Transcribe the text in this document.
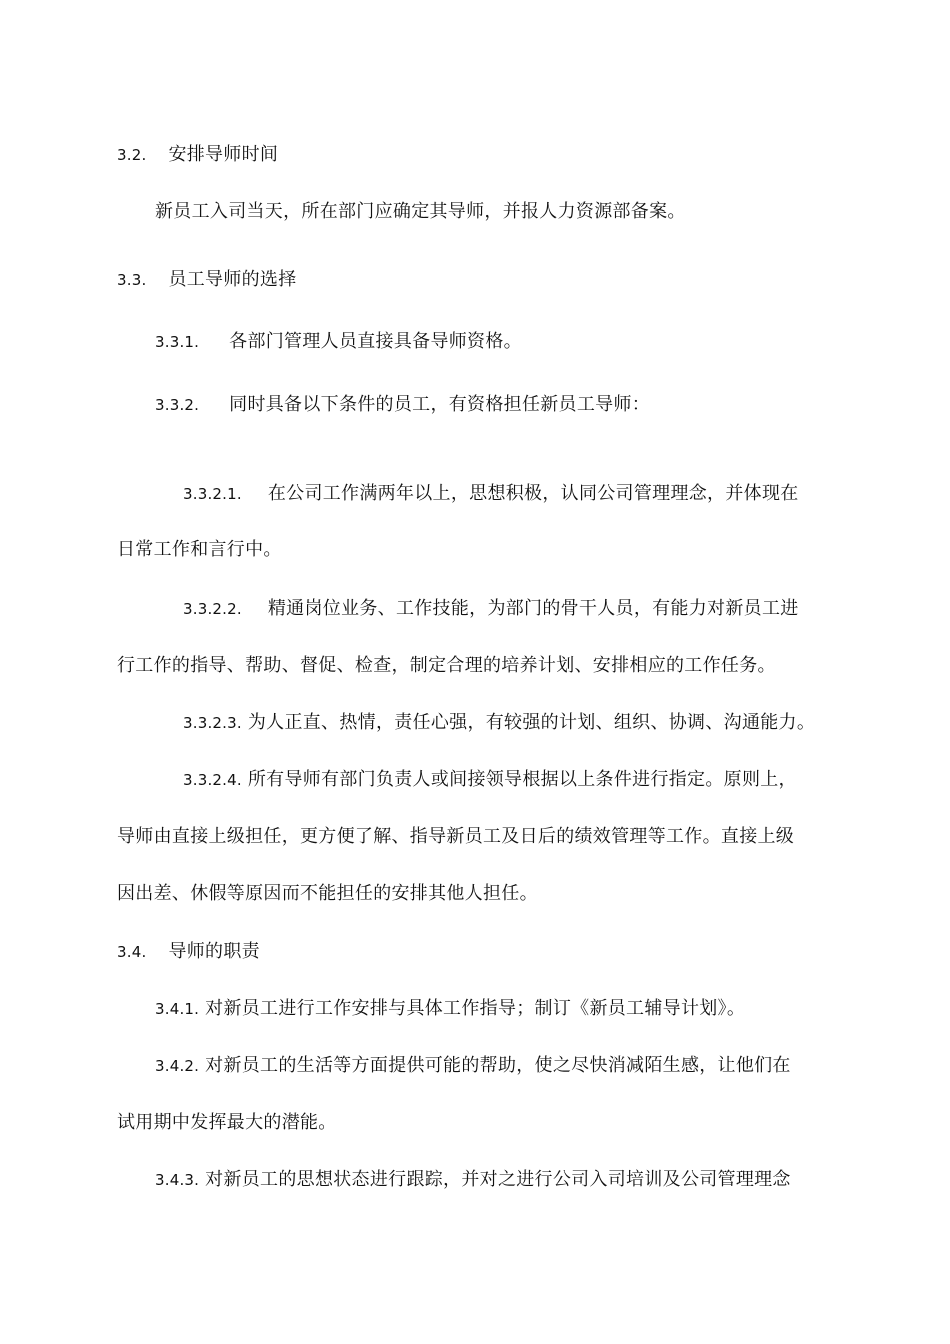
3.2. 安排导师时间
新员工入司当天，所在部门应确定其导师，并报人力资源部备案。
3.3. 员工导师的选择
3.3.1. 各部门管理人员直接具备导师资格。
3.3.2. 同时具备以下条件的员工，有资格担任新员工导师：
3.3.2.1. 在公司工作满两年以上，思想积极，认同公司管理理念，并体现在
日常工作和言行中。
3.3.2.2. 精通岗位业务、工作技能，为部门的骨干人员，有能力对新员工进
行工作的指导、帮助、督促、检查，制定合理的培养计划、安排相应的工作任务。
3.3.2.3. 为人正直、热情，责任心强，有较强的计划、组织、协调、沟通能力。
3.3.2.4. 所有导师有部门负责人或间接领导根据以上条件进行指定。原则上，
导师由直接上级担任，更方便了解、指导新员工及日后的绩效管理等工作。直接上级
因出差、休假等原因而不能担任的安排其他人担任。
3.4. 导师的职责
3.4.1. 对新员工进行工作安排与具体工作指导；制订《新员工辅导计划》。
3.4.2. 对新员工的生活等方面提供可能的帮助，使之尽快消减陌生感，让他们在
试用期中发挥最大的潜能。
3.4.3. 对新员工的思想状态进行跟踪，并对之进行公司入司培训及公司管理理念
